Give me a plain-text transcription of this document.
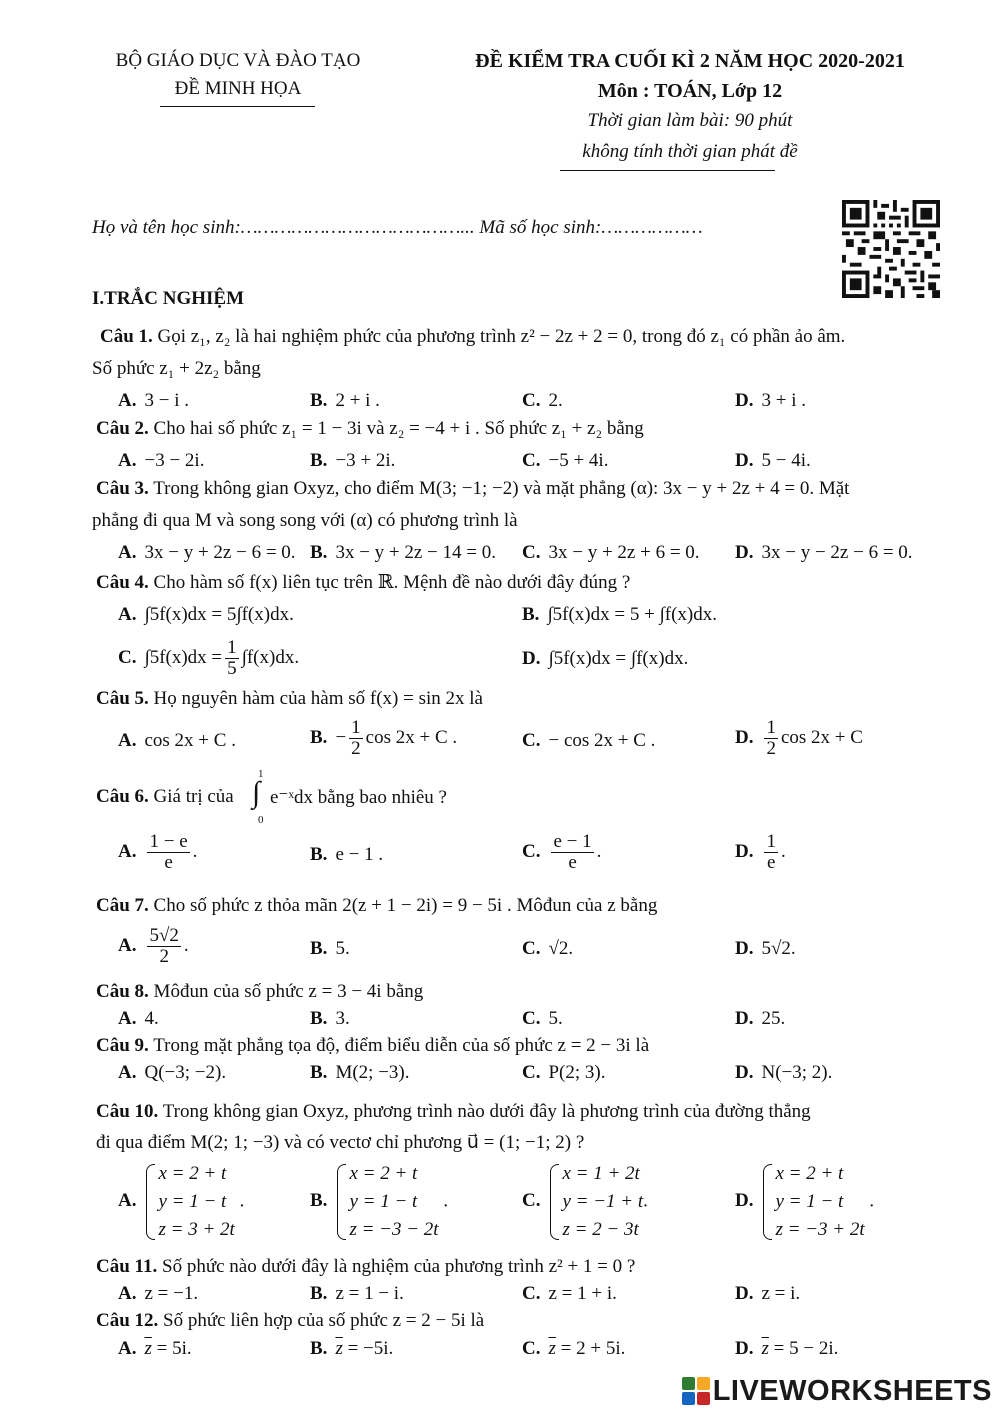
BỘ GIÁO DỤC VÀ ĐÀO TẠO
ĐỀ MINH HỌA
ĐỀ KIỂM TRA CUỐI KÌ 2 NĂM HỌC 2020-2021
Môn : TOÁN, Lớp 12
Thời gian làm bài: 90 phút
không tính thời gian phát đề
Họ và tên học sinh:…………………………………... Mã số học sinh:………………
I.TRẮC NGHIỆM
Câu 1. Gọi z₁, z₂ là hai nghiệm phức của phương trình z² − 2z + 2 = 0, trong đó z₁ có phần ảo âm.
Số phức z₁ + 2z₂ bằng
A. 3 − i .	B. 2 + i .	C. 2.	D. 3 + i .
Câu 2. Cho hai số phức z₁ = 1 − 3i và z₂ = −4 + i . Số phức z₁ + z₂ bằng
A. −3 − 2i.	B. −3 + 2i.	C. −5 + 4i.	D. 5 − 4i.
Câu 3. Trong không gian Oxyz, cho điểm M(3; −1; −2) và mặt phẳng (α): 3x − y + 2z + 4 = 0. Mặt
phẳng đi qua M và song song với (α) có phương trình là
A. 3x − y + 2z − 6 = 0. B. 3x − y + 2z − 14 = 0. C. 3x − y + 2z + 6 = 0. D. 3x − y − 2z − 6 = 0.
Câu 4. Cho hàm số f(x) liên tục trên ℝ. Mệnh đề nào dưới đây đúng ?
A. ∫5f(x)dx = 5∫f(x)dx.	B. ∫5f(x)dx = 5 + ∫f(x)dx.
C. $\int 5f(x)dx = \frac{1}{5} \int f(x)dx$.	D. ∫5f(x)dx = ∫f(x)dx.
Câu 5. Họ nguyên hàm của hàm số f(x) = sin 2x là
A. cos 2x + C .	B. − $\frac{1}{2}$ cos 2x + C .	C. − cos 2x + C .	D. $\frac{1}{2}$ cos 2x + C
Câu 6. Giá trị của
1
∫
0
e⁻ˣdx bằng bao nhiêu ?
A. $\frac{1 - e}{e}$ .	B. e − 1 .	C. $\frac{e - 1}{e}$ .	D. $\frac{1}{e}$ .
Câu 7. Cho số phức z thỏa mãn 2(z + 1 − 2i) = 9 − 5i . Môđun của z bằng
A. $\frac{5√2}{2}$ .	B. 5.	C. √2.	D. 5√2.
Câu 8. Môđun của số phức z = 3 − 4i bằng
A. 4.	B. 3.	C. 5.	D. 25.
Câu 9. Trong mặt phẳng tọa độ, điểm biểu diễn của số phức z = 2 − 3i là
A. Q(−3; −2).	B. M(2; −3).	C. P(2; 3).	D. N(−3; 2).
Câu 10. Trong không gian Oxyz, phương trình nào dưới đây là phương trình của đường thẳng
đi qua điểm M(2; 1; −3) và có vectơ chỉ phương u⃗ = (1; −1; 2) ?
A.
x = 2 + t
y = 1 − t
z = 3 + 2t
.	B.
x = 2 + t
y = 1 − t
z = −3 − 2t
.	C.
x = 1 + 2t
y = −1 + t
z = 2 − 3t
.	D.
x = 2 + t
y = 1 − t
z = −3 + 2t
.
Câu 11. Số phức nào dưới đây là nghiệm của phương trình z² + 1 = 0 ?
A. z = −1.	B. z = 1 − i.	C. z = 1 + i.	D. z = i.
Câu 12. Số phức liên hợp của số phức z = 2 − 5i là
A. $\overline{z} = 5i$.	B. $\overline{z} = -5i$.	C. $\overline{z} = 2 + 5i$.	D. $\overline{z} = 5 - 2i$.
LIVEWORKSHEETS
